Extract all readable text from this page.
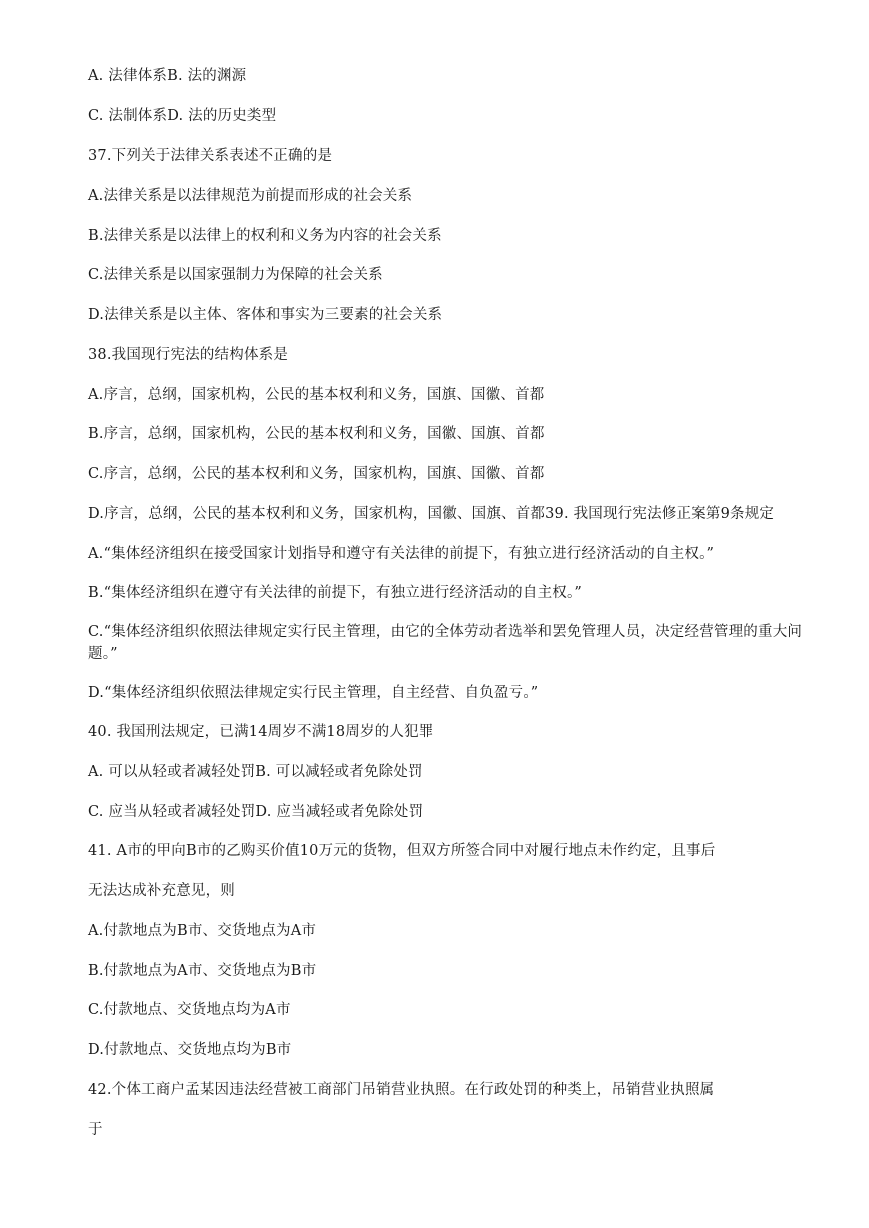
A. 法律体系B. 法的渊源
C. 法制体系D. 法的历史类型
37.下列关于法律关系表述不正确的是
A.法律关系是以法律规范为前提而形成的社会关系
B.法律关系是以法律上的权利和义务为内容的社会关系
C.法律关系是以国家强制力为保障的社会关系
D.法律关系是以主体、客体和事实为三要素的社会关系
38.我国现行宪法的结构体系是
A.序言，总纲，国家机构，公民的基本权利和义务，国旗、国徽、首都
B.序言，总纲，国家机构，公民的基本权利和义务，国徽、国旗、首都
C.序言，总纲，公民的基本权利和义务，国家机构，国旗、国徽、首都
D.序言，总纲，公民的基本权利和义务，国家机构，国徽、国旗、首都39. 我国现行宪法修正案第9条规定
A.“集体经济组织在接受国家计划指导和遵守有关法律的前提下，有独立进行经济活动的自主权。”
B.“集体经济组织在遵守有关法律的前提下，有独立进行经济活动的自主权。”
C.“集体经济组织依照法律规定实行民主管理，由它的全体劳动者选举和罢免管理人员，决定经营管理的重大问题。”
D.“集体经济组织依照法律规定实行民主管理，自主经营、自负盈亏。”
40. 我国刑法规定，已满14周岁不满18周岁的人犯罪
A. 可以从轻或者减轻处罚B. 可以减轻或者免除处罚
C. 应当从轻或者减轻处罚D. 应当减轻或者免除处罚
41. A市的甲向B市的乙购买价值10万元的货物，但双方所签合同中对履行地点未作约定，且事后
无法达成补充意见，则
A.付款地点为B市、交货地点为A市
B.付款地点为A市、交货地点为B市
C.付款地点、交货地点均为A市
D.付款地点、交货地点均为B市
42.个体工商户孟某因违法经营被工商部门吊销营业执照。在行政处罚的种类上，吊销营业执照属
于
